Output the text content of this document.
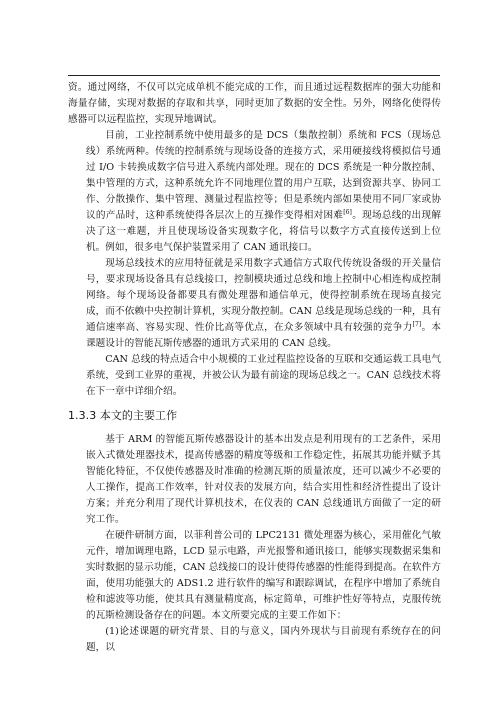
资。通过网络，不仅可以完成单机不能完成的工作，而且通过远程数据库的强大功能和海量存储，实现对数据的存取和共享，同时更加了数据的安全性。另外，网络化使得传感器可以远程监控，实现异地调试。

目前，工业控制系统中使用最多的是 DCS（集散控制）系统和 FCS（现场总线）系统两种。传统的控制系统与现场设备的连接方式，采用硬接线将模拟信号通过 I/O 卡转换成数字信号进入系统内部处理。现在的 DCS 系统是一种分散控制、集中管理的方式，这种系统允许不同地理位置的用户互联，达到资源共享、协同工作、分散操作、集中管理、测量过程监控等；但是系统内部如果使用不同厂家或协议的产品时，这种系统使得各层次上的互操作变得相对困难[6]。现场总线的出现解决了这一难题，并且使现场设备实现数字化，将信号以数字方式直接传送到上位机。例如，很多电气保护装置采用了 CAN 通讯接口。

现场总线技术的应用特征就是采用数字式通信方式取代传统设备级的开关量信号，要求现场设备具有总线接口，控制模块通过总线和地上控制中心相连构成控制网络。每个现场设备都要具有微处理器和通信单元，使得控制系统在现场直接完成，而不依赖中央控制计算机，实现分散控制。CAN 总线是现场总线的一种，具有通信速率高、容易实现、性价比高等优点，在众多领域中具有较强的竞争力[7]。本课题设计的智能瓦斯传感器的通讯方式采用的 CAN 总线。

CAN 总线的特点适合中小规模的工业过程监控设备的互联和交通运载工具电气系统，受到工业界的重视，并被公认为最有前途的现场总线之一。CAN 总线技术将在下一章中详细介绍。

1.3.3 本文的主要工作

基于 ARM 的智能瓦斯传感器设计的基本出发点是利用现有的工艺条件，采用嵌入式微处理器技术，提高传感器的精度等级和工作稳定性，拓展其功能并赋予其智能化特征，不仅使传感器及时准确的检测瓦斯的质量浓度，还可以减少不必要的人工操作，提高工作效率，针对仪表的发展方向，结合实用性和经济性提出了设计方案；并充分利用了现代计算机技术，在仪表的 CAN 总线通讯方面做了一定的研究工作。

在硬件研制方面，以菲利普公司的 LPC2131 微处理器为核心，采用催化气敏元件，增加调理电路，LCD 显示电路，声光报警和通讯接口，能够实现数据采集和实时数据的显示功能，CAN 总线接口的设计使得传感器的性能得到提高。在软件方面，使用功能强大的 ADS1.2 进行软件的编写和跟踪调试，在程序中增加了系统自检和滤波等功能，使其具有测量精度高，标定简单，可维护性好等特点，克服传统的瓦斯检测设备存在的问题。本文所要完成的主要工作如下：

(1)论述课题的研究背景、目的与意义，国内外现状与目前现有系统存在的问题，以
